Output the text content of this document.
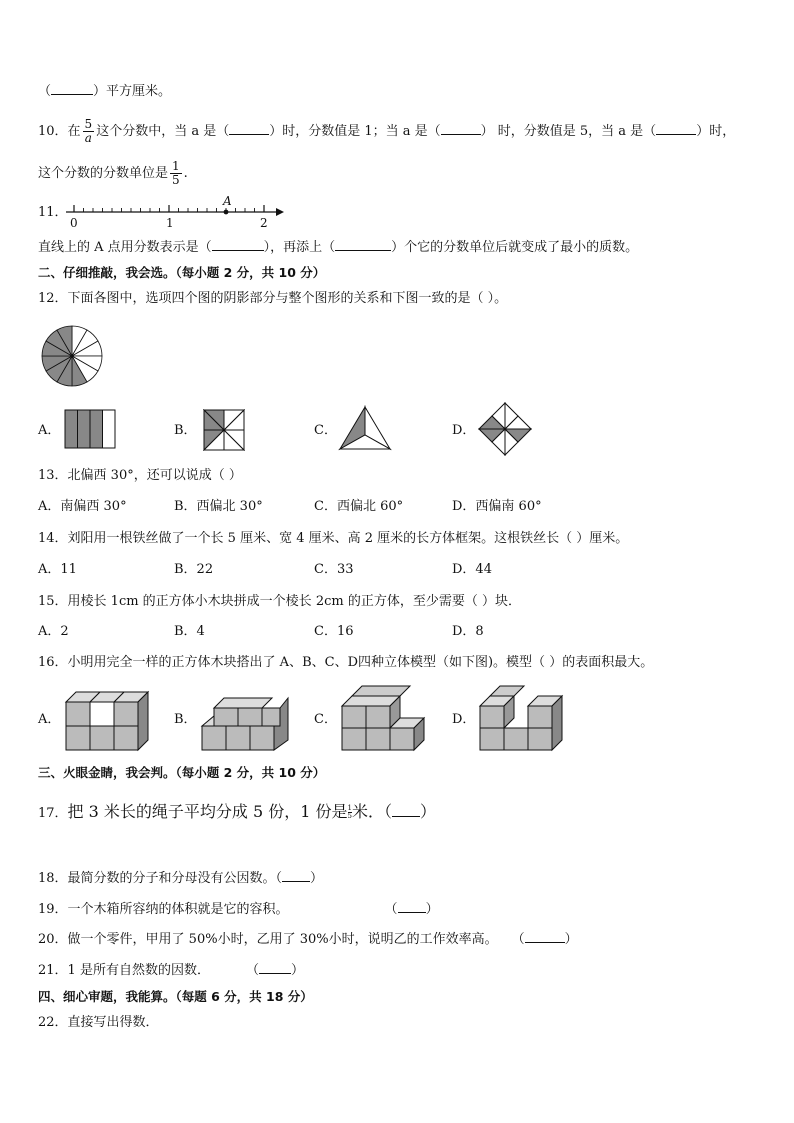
（	）平方厘米。
10．在 $\frac{5}{a}$ 这个分数中，当 a 是（	）时，分数值是 1；当 a 是（	） 时，分数值是 5，当 a 是（	）时，
这个分数的分数单位是 $\frac{1}{5}$ .
11．
0	1	2
A
直线上的 A 点用分数表示是（	），再添上（	）个它的分数单位后就变成了最小的质数。
二、仔细推敲，我会选。（每小题 2 分，共 10 分）
12．下面各图中，选项四个图的阴影部分与整个图形的关系和下图一致的是（ ）。
A．	B．	C．	D．
13．北偏西 30°，还可以说成（ ）
A．南偏西 30°	B．西偏北 30°	C．西偏北 60°	D．西偏南 60°
14．刘阳用一根铁丝做了一个长 5 厘米、宽 4 厘米、高 2 厘米的长方体框架。这根铁丝长（ ）厘米。
A．11	B．22	C．33	D．44
15．用棱长 1cm 的正方体小木块拼成一个棱长 2cm 的正方体，至少需要（ ）块．
A．2	B．4	C．16	D．8
16．小明用完全一样的正方体木块搭出了 A、B、C、D四种立体模型（如下图)。模型（ ）的表面积最大。
A．	B．	C．	D．
三、火眼金睛，我会判。（每小题 2 分，共 10 分）
17．把 3 米长的绳子平均分成 5 份，1 份是 $\frac{1}{5}$ 米．（ ）
18．最简分数的分子和分母没有公因数。（ ）
19．一个木箱所容纳的体积就是它的容积。	（ ）
20．做一个零件，甲用了 50%小时，乙用了 30%小时，说明乙的工作效率高。 （	）
21．1 是所有自然数的因数．	（ ）
四、细心审题，我能算。（每题 6 分，共 18 分）
22．直接写出得数．
